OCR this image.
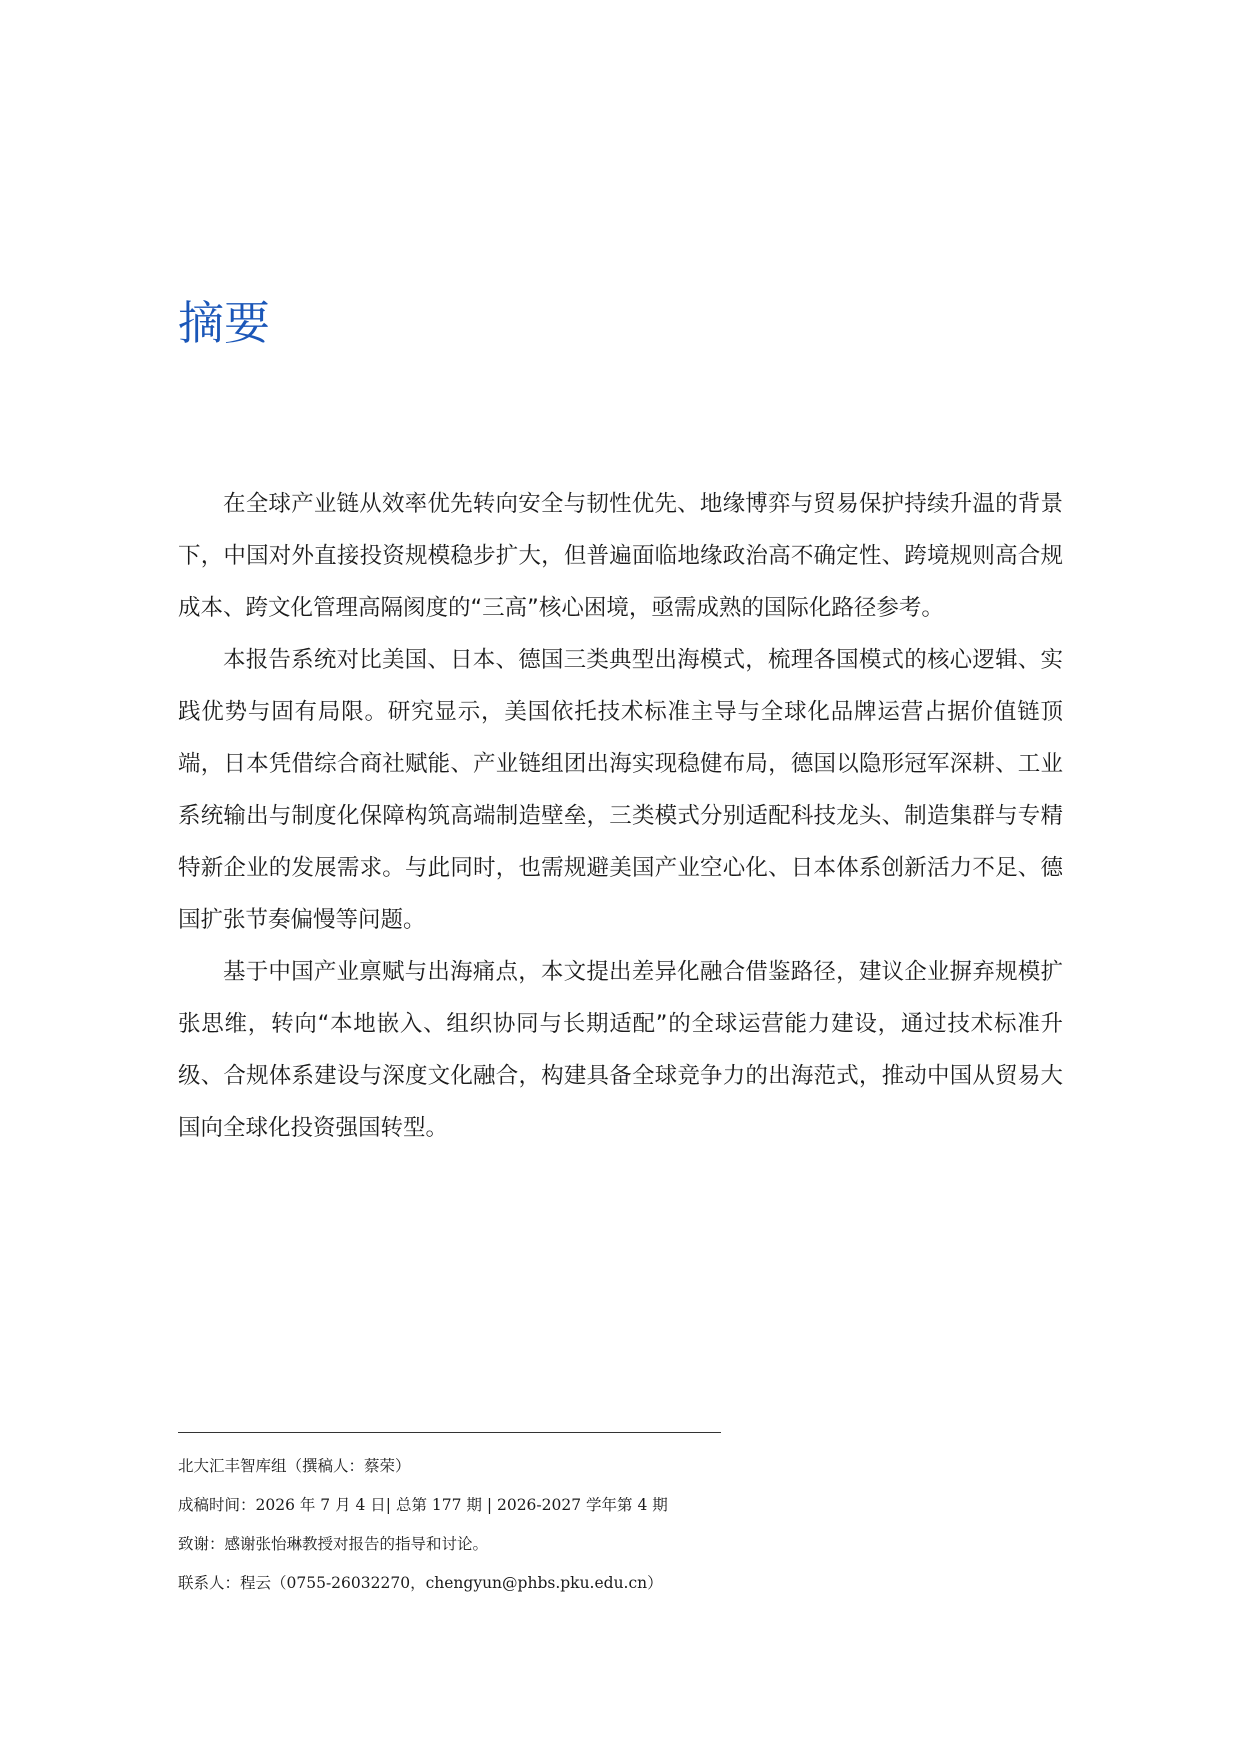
摘要

在全球产业链从效率优先转向安全与韧性优先、地缘博弈与贸易保护持续升温的背景下，中国对外直接投资规模稳步扩大，但普遍面临地缘政治高不确定性、跨境规则高合规成本、跨文化管理高隔阂度的“三高”核心困境，亟需成熟的国际化路径参考。

本报告系统对比美国、日本、德国三类典型出海模式，梳理各国模式的核心逻辑、实践优势与固有局限。研究显示，美国依托技术标准主导与全球化品牌运营占据价值链顶端，日本凭借综合商社赋能、产业链组团出海实现稳健布局，德国以隐形冠军深耕、工业系统输出与制度化保障构筑高端制造壁垒，三类模式分别适配科技龙头、制造集群与专精特新企业的发展需求。与此同时，也需规避美国产业空心化、日本体系创新活力不足、德国扩张节奏偏慢等问题。

基于中国产业禀赋与出海痛点，本文提出差异化融合借鉴路径，建议企业摒弃规模扩张思维，转向“本地嵌入、组织协同与长期适配”的全球运营能力建设，通过技术标准升级、合规体系建设与深度文化融合，构建具备全球竞争力的出海范式，推动中国从贸易大国向全球化投资强国转型。

北大汇丰智库组（撰稿人：蔡荣）
成稿时间：2026 年 7 月 4 日| 总第 177 期 | 2026-2027 学年第 4 期
致谢：感谢张怡琳教授对报告的指导和讨论。
联系人：程云（0755-26032270，chengyun@phbs.pku.edu.cn）
